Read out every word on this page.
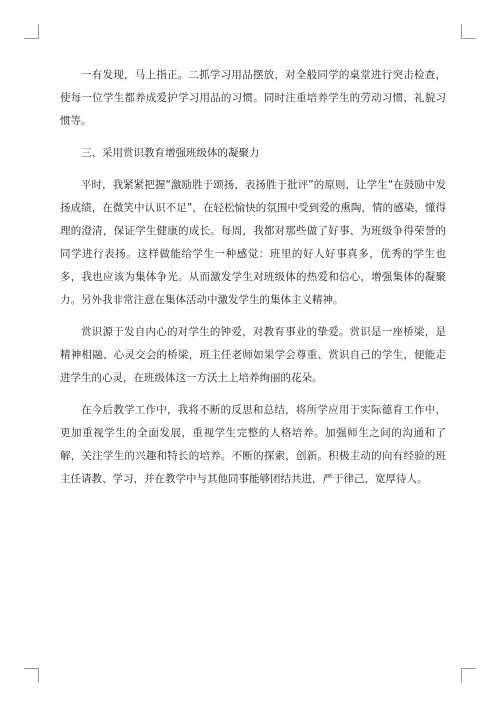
一有发现，马上指正。二抓学习用品摆放，对全般同学的桌堂进行突击检查，使每一位学生都养成爱护学习用品的习惯。同时注重培养学生的劳动习惯，礼貌习惯等。

三、采用赏识教育增强班级体的凝聚力

平时，我紧紧把握“激励胜于颂扬，表扬胜于批评”的原则，让学生“在鼓励中发扬成绩，在微笑中认识不足”，在轻松愉快的氛围中受到爱的熏陶，情的感染，懂得理的澄清，保证学生健康的成长。每周，我都对那些做了好事、为班级争得荣誉的同学进行表扬。这样做能给学生一种感觉：班里的好人好事真多，优秀的学生也多，我也应该为集体争光。从而激发学生对班级体的热爱和信心，增强集体的凝聚力。另外我非常注意在集体活动中激发学生的集体主义精神。

赏识源于发自内心的对学生的钟爱，对教育事业的挚爱。赏识是一座桥梁，是精神相融、心灵交会的桥梁，班主任老师如果学会尊重、赏识自己的学生，便能走进学生的心灵，在班级体这一方沃土上培养绚丽的花朵。

在今后教学工作中，我将不断的反思和总结，将所学应用于实际德育工作中，更加重视学生的全面发展，重视学生完整的人格培养。加强师生之间的沟通和了解，关注学生的兴趣和特长的培养。不断的探索，创新。积极主动的向有经验的班主任请教、学习，并在教学中与其他同事能够团结共进，严于律己，宽厚待人。
